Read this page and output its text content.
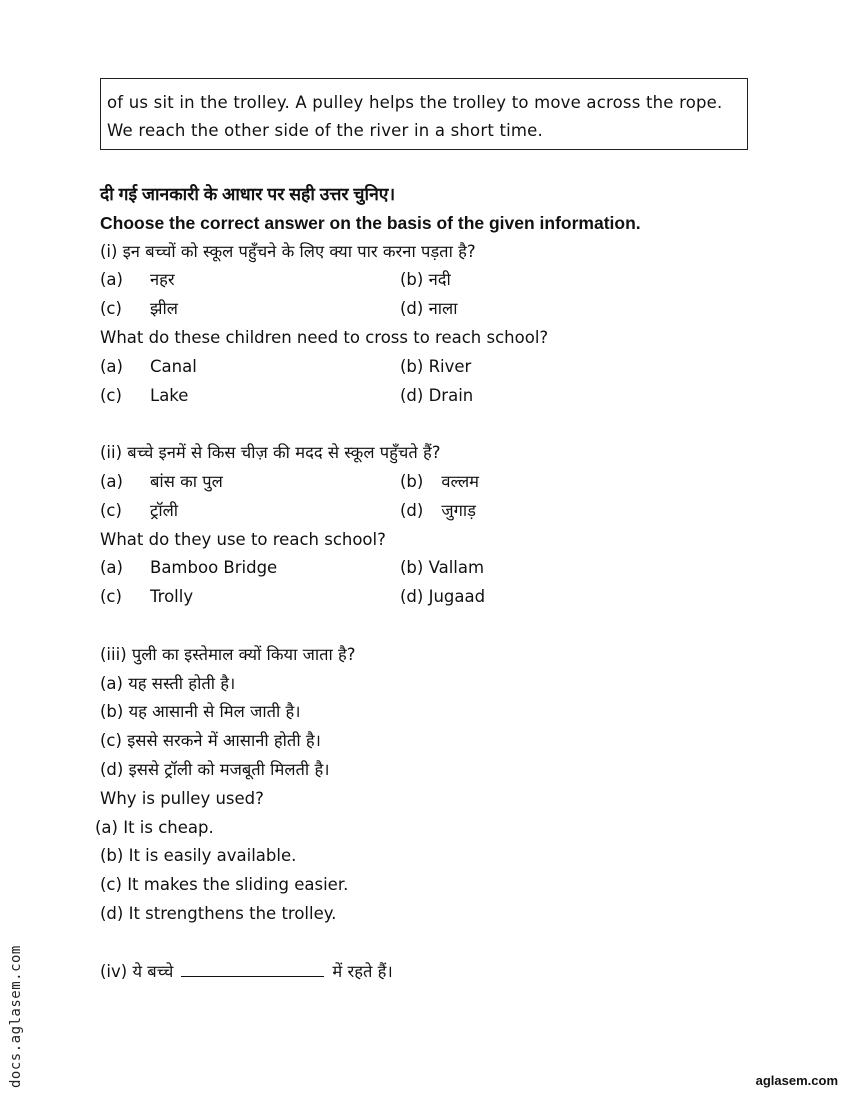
of us sit in the trolley. A pulley helps the trolley to move across the rope.
We reach the other side of the river in a short time.
दी गई जानकारी के आधार पर सही उत्तर चुनिए।
Choose the correct answer on the basis of the given information.
(i) इन बच्चों को स्कूल पहुँचने के लिए क्या पार करना पड़ता है?
(a) नहर	(b) नदी
(c) झील	(d) नाला
What do these children need to cross to reach school?
(a) Canal	(b) River
(c) Lake	(d) Drain
(ii) बच्चे इनमें से किस चीज़ की मदद से स्कूल पहुँचते हैं?
(a) बांस का पुल	(b) वल्लम
(c) ट्रॉली	(d) जुगाड़
What do they use to reach school?
(a) Bamboo Bridge	(b) Vallam
(c) Trolly	(d) Jugaad
(iii) पुली का इस्तेमाल क्यों किया जाता है?
(a) यह सस्ती होती है।
(b) यह आसानी से मिल जाती है।
(c) इससे सरकने में आसानी होती है।
(d) इससे ट्रॉली को मजबूती मिलती है।
Why is pulley used?
(a) It is cheap.
(b) It is easily available.
(c) It makes the sliding easier.
(d) It strengthens the trolley.
(iv) ये बच्चे	में रहते हैं।
docs.aglasem.com	aglasem.com
